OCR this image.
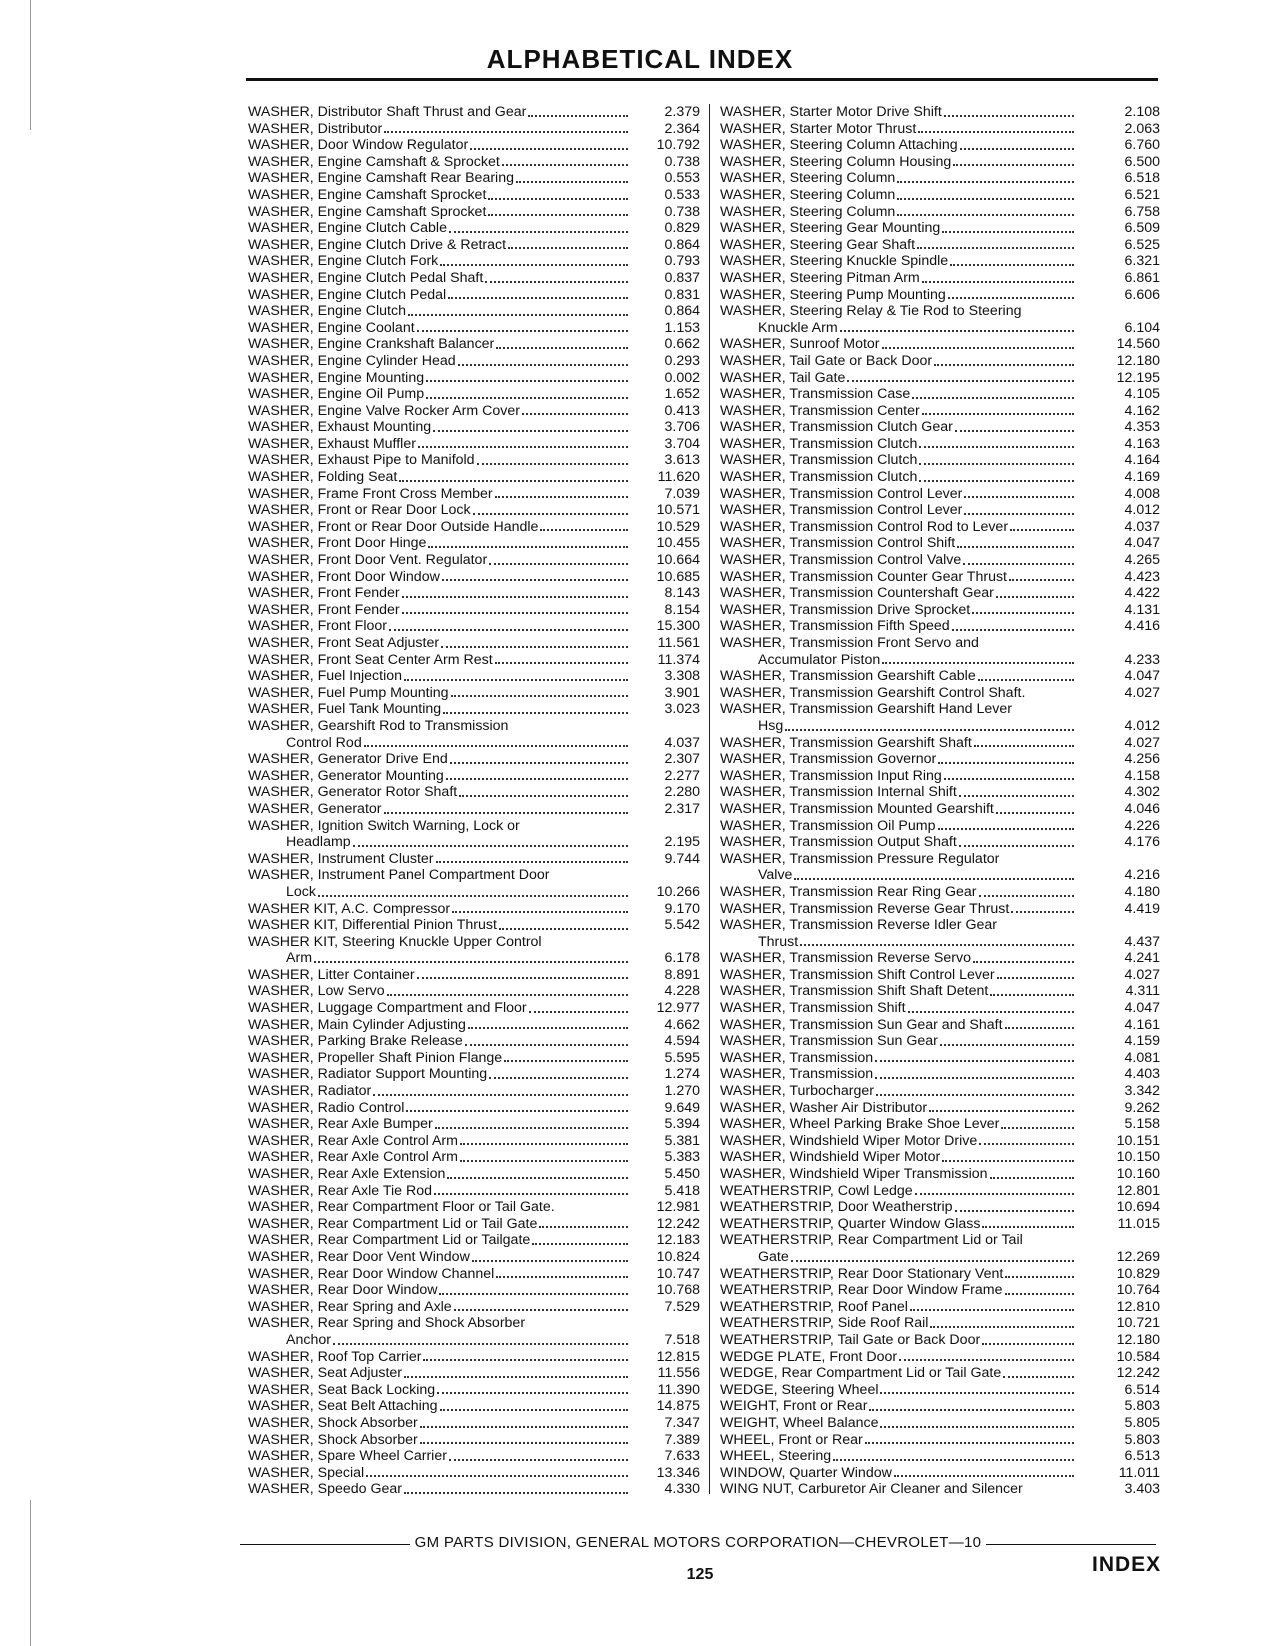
ALPHABETICAL INDEX
WASHER, Distributor Shaft Thrust and Gear	2.379
WASHER, Distributor	2.364
WASHER, Door Window Regulator	10.792
WASHER, Engine Camshaft & Sprocket	0.738
WASHER, Engine Camshaft Rear Bearing	0.553
WASHER, Engine Camshaft Sprocket	0.533
WASHER, Engine Camshaft Sprocket	0.738
WASHER, Engine Clutch Cable	0.829
WASHER, Engine Clutch Drive & Retract	0.864
WASHER, Engine Clutch Fork	0.793
WASHER, Engine Clutch Pedal Shaft	0.837
WASHER, Engine Clutch Pedal	0.831
WASHER, Engine Clutch	0.864
WASHER, Engine Coolant	1.153
WASHER, Engine Crankshaft Balancer	0.662
WASHER, Engine Cylinder Head	0.293
WASHER, Engine Mounting	0.002
WASHER, Engine Oil Pump	1.652
WASHER, Engine Valve Rocker Arm Cover	0.413
WASHER, Exhaust Mounting	3.706
WASHER, Exhaust Muffler	3.704
WASHER, Exhaust Pipe to Manifold	3.613
WASHER, Folding Seat	11.620
WASHER, Frame Front Cross Member	7.039
WASHER, Front or Rear Door Lock	10.571
WASHER, Front or Rear Door Outside Handle	10.529
WASHER, Front Door Hinge	10.455
WASHER, Front Door Vent. Regulator	10.664
WASHER, Front Door Window	10.685
WASHER, Front Fender	8.143
WASHER, Front Fender	8.154
WASHER, Front Floor	15.300
WASHER, Front Seat Adjuster	11.561
WASHER, Front Seat Center Arm Rest	11.374
WASHER, Fuel Injection	3.308
WASHER, Fuel Pump Mounting	3.901
WASHER, Fuel Tank Mounting	3.023
WASHER, Gearshift Rod to Transmission
Control Rod	4.037
WASHER, Generator Drive End	2.307
WASHER, Generator Mounting	2.277
WASHER, Generator Rotor Shaft	2.280
WASHER, Generator	2.317
WASHER, Ignition Switch Warning, Lock or
Headlamp	2.195
WASHER, Instrument Cluster	9.744
WASHER, Instrument Panel Compartment Door
Lock	10.266
WASHER KIT, A.C. Compressor	9.170
WASHER KIT, Differential Pinion Thrust	5.542
WASHER KIT, Steering Knuckle Upper Control
Arm	6.178
WASHER, Litter Container	8.891
WASHER, Low Servo	4.228
WASHER, Luggage Compartment and Floor	12.977
WASHER, Main Cylinder Adjusting	4.662
WASHER, Parking Brake Release	4.594
WASHER, Propeller Shaft Pinion Flange	5.595
WASHER, Radiator Support Mounting	1.274
WASHER, Radiator	1.270
WASHER, Radio Control	9.649
WASHER, Rear Axle Bumper	5.394
WASHER, Rear Axle Control Arm	5.381
WASHER, Rear Axle Control Arm	5.383
WASHER, Rear Axle Extension	5.450
WASHER, Rear Axle Tie Rod	5.418
WASHER, Rear Compartment Floor or Tail Gate.	12.981
WASHER, Rear Compartment Lid or Tail Gate	12.242
WASHER, Rear Compartment Lid or Tailgate	12.183
WASHER, Rear Door Vent Window	10.824
WASHER, Rear Door Window Channel	10.747
WASHER, Rear Door Window	10.768
WASHER, Rear Spring and Axle	7.529
WASHER, Rear Spring and Shock Absorber
Anchor	7.518
WASHER, Roof Top Carrier	12.815
WASHER, Seat Adjuster	11.556
WASHER, Seat Back Locking	11.390
WASHER, Seat Belt Attaching	14.875
WASHER, Shock Absorber	7.347
WASHER, Shock Absorber	7.389
WASHER, Spare Wheel Carrier	7.633
WASHER, Special	13.346
WASHER, Speedo Gear	4.330
WASHER, Starter Motor Drive Shift	2.108
WASHER, Starter Motor Thrust	2.063
WASHER, Steering Column Attaching	6.760
WASHER, Steering Column Housing	6.500
WASHER, Steering Column	6.518
WASHER, Steering Column	6.521
WASHER, Steering Column	6.758
WASHER, Steering Gear Mounting	6.509
WASHER, Steering Gear Shaft	6.525
WASHER, Steering Knuckle Spindle	6.321
WASHER, Steering Pitman Arm	6.861
WASHER, Steering Pump Mounting	6.606
WASHER, Steering Relay & Tie Rod to Steering
Knuckle Arm	6.104
WASHER, Sunroof Motor	14.560
WASHER, Tail Gate or Back Door	12.180
WASHER, Tail Gate	12.195
WASHER, Transmission Case	4.105
WASHER, Transmission Center	4.162
WASHER, Transmission Clutch Gear	4.353
WASHER, Transmission Clutch	4.163
WASHER, Transmission Clutch	4.164
WASHER, Transmission Clutch	4.169
WASHER, Transmission Control Lever	4.008
WASHER, Transmission Control Lever	4.012
WASHER, Transmission Control Rod to Lever	4.037
WASHER, Transmission Control Shift	4.047
WASHER, Transmission Control Valve	4.265
WASHER, Transmission Counter Gear Thrust	4.423
WASHER, Transmission Countershaft Gear	4.422
WASHER, Transmission Drive Sprocket	4.131
WASHER, Transmission Fifth Speed	4.416
WASHER, Transmission Front Servo and
Accumulator Piston	4.233
WASHER, Transmission Gearshift Cable	4.047
WASHER, Transmission Gearshift Control Shaft.	4.027
WASHER, Transmission Gearshift Hand Lever
Hsg	4.012
WASHER, Transmission Gearshift Shaft	4.027
WASHER, Transmission Governor	4.256
WASHER, Transmission Input Ring	4.158
WASHER, Transmission Internal Shift	4.302
WASHER, Transmission Mounted Gearshift	4.046
WASHER, Transmission Oil Pump	4.226
WASHER, Transmission Output Shaft	4.176
WASHER, Transmission Pressure Regulator
Valve	4.216
WASHER, Transmission Rear Ring Gear	4.180
WASHER, Transmission Reverse Gear Thrust	4.419
WASHER, Transmission Reverse Idler Gear
Thrust	4.437
WASHER, Transmission Reverse Servo	4.241
WASHER, Transmission Shift Control Lever	4.027
WASHER, Transmission Shift Shaft Detent	4.311
WASHER, Transmission Shift	4.047
WASHER, Transmission Sun Gear and Shaft	4.161
WASHER, Transmission Sun Gear	4.159
WASHER, Transmission	4.081
WASHER, Transmission	4.403
WASHER, Turbocharger	3.342
WASHER, Washer Air Distributor	9.262
WASHER, Wheel Parking Brake Shoe Lever	5.158
WASHER, Windshield Wiper Motor Drive	10.151
WASHER, Windshield Wiper Motor	10.150
WASHER, Windshield Wiper Transmission	10.160
WEATHERSTRIP, Cowl Ledge	12.801
WEATHERSTRIP, Door Weatherstrip	10.694
WEATHERSTRIP, Quarter Window Glass	11.015
WEATHERSTRIP, Rear Compartment Lid or Tail
Gate	12.269
WEATHERSTRIP, Rear Door Stationary Vent	10.829
WEATHERSTRIP, Rear Door Window Frame	10.764
WEATHERSTRIP, Roof Panel	12.810
WEATHERSTRIP, Side Roof Rail	10.721
WEATHERSTRIP, Tail Gate or Back Door	12.180
WEDGE PLATE, Front Door	10.584
WEDGE, Rear Compartment Lid or Tail Gate	12.242
WEDGE, Steering Wheel	6.514
WEIGHT, Front or Rear	5.803
WEIGHT, Wheel Balance	5.805
WHEEL, Front or Rear	5.803
WHEEL, Steering	6.513
WINDOW, Quarter Window	11.011
WING NUT, Carburetor Air Cleaner and Silencer	3.403
GM PARTS DIVISION, GENERAL MOTORS CORPORATION—CHEVROLET—10
125	INDEX
